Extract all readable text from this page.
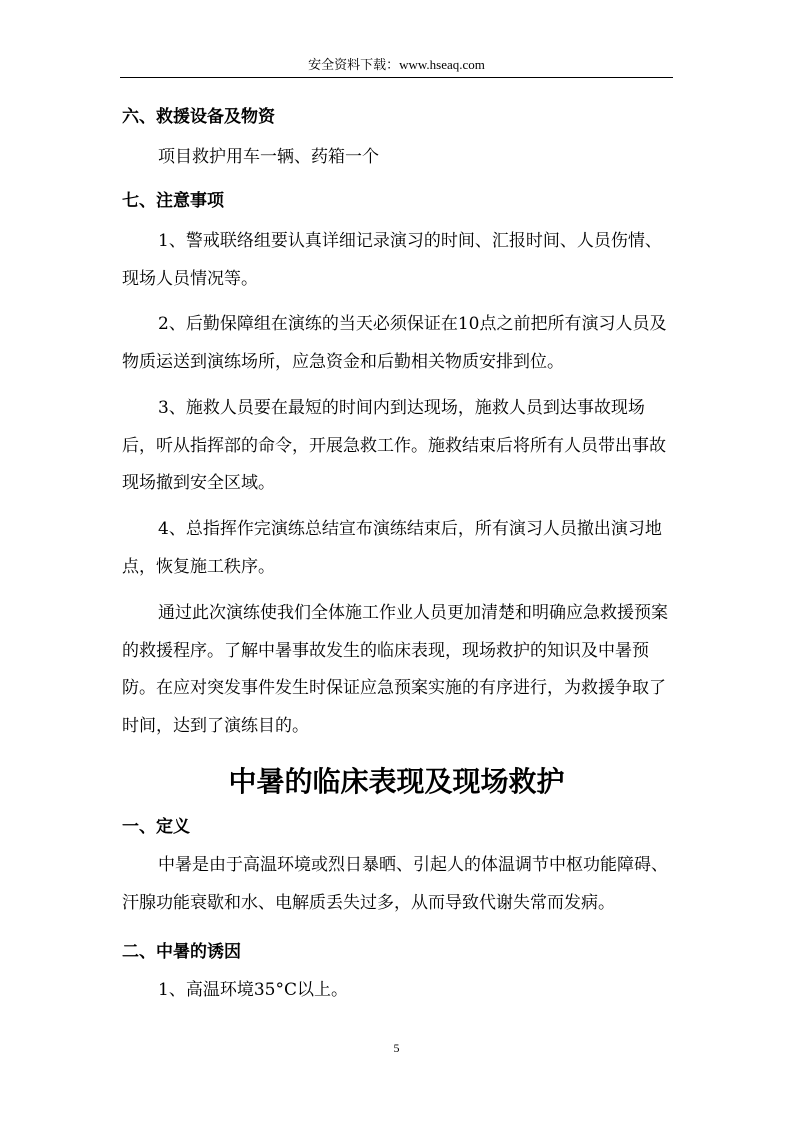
安全资料下载：www.hseaq.com
六、救援设备及物资

项目救护用车一辆、药箱一个

七、注意事项

1、警戒联络组要认真详细记录演习的时间、汇报时间、人员伤情、现场人员情况等。

2、后勤保障组在演练的当天必须保证在10点之前把所有演习人员及物质运送到演练场所，应急资金和后勤相关物质安排到位。

3、施救人员要在最短的时间内到达现场，施救人员到达事故现场后，听从指挥部的命令，开展急救工作。施救结束后将所有人员带出事故现场撤到安全区域。

4、总指挥作完演练总结宣布演练结束后，所有演习人员撤出演习地点，恢复施工秩序。

通过此次演练使我们全体施工作业人员更加清楚和明确应急救援预案的救援程序。了解中暑事故发生的临床表现，现场救护的知识及中暑预防。在应对突发事件发生时保证应急预案实施的有序进行，为救援争取了时间，达到了演练目的。

中暑的临床表现及现场救护
一、定义

中暑是由于高温环境或烈日暴晒、引起人的体温调节中枢功能障碍、汗腺功能衰歇和水、电解质丢失过多，从而导致代谢失常而发病。

二、中暑的诱因

1、高温环境35°C以上。

5
